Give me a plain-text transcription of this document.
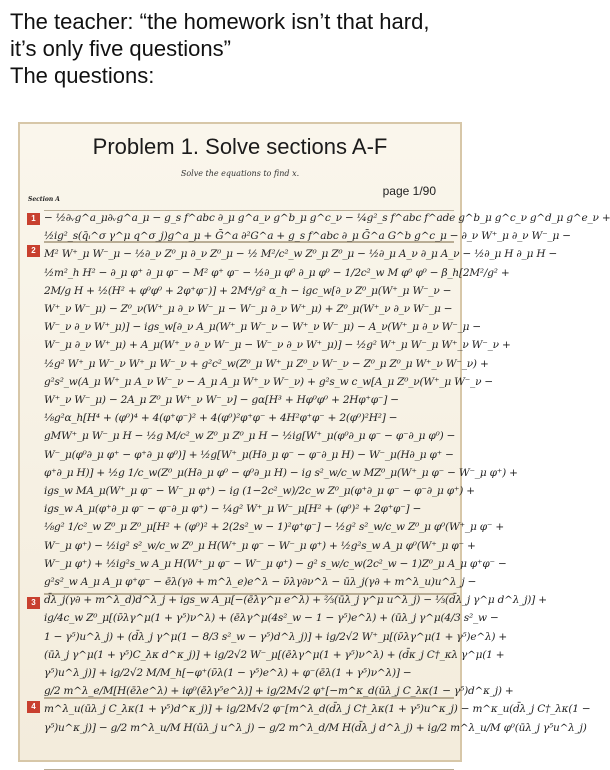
The teacher: “the homework isn’t that hard,
it’s only five questions”
The questions:
Problem 1. Solve sections A-F
Solve the equations to find x.
page 1/90
Section A
1
2
3
4
− ½∂ᵥg^a_μ∂ᵥg^a_μ − g_s f^abc ∂_μ g^a_ν g^b_μ g^c_ν − ¼g²_s f^abc f^ade g^b_μ g^c_ν g^d_μ g^e_ν +
½ig²_s(q̄ᵢ^σ γ^μ q^σ_j)g^a_μ + Ḡ^a ∂²G^a + g_s f^abc ∂_μ Ḡ^a G^b g^c_μ − ∂_ν W⁺_μ ∂_ν W⁻_μ −
M² W⁺_μ W⁻_μ − ½∂_ν Z⁰_μ ∂_ν Z⁰_μ − ½ M²/c²_w Z⁰_μ Z⁰_μ − ½∂_μ A_ν ∂_μ A_ν − ½∂_μ H ∂_μ H −
½m²_h H² − ∂_μ φ⁺ ∂_μ φ⁻ − M² φ⁺ φ⁻ − ½∂_μ φ⁰ ∂_μ φ⁰ − 1/2c²_w M φ⁰ φ⁰ − β_h[2M²/g² +
2M/g H + ½(H² + φ⁰φ⁰ + 2φ⁺φ⁻)] + 2M⁴/g² α_h − igc_w[∂_ν Z⁰_μ(W⁺_μ W⁻_ν −
W⁺_ν W⁻_μ) − Z⁰_ν(W⁺_μ ∂_ν W⁻_μ − W⁻_μ ∂_ν W⁺_μ) + Z⁰_μ(W⁺_ν ∂_ν W⁻_μ −
W⁻_ν ∂_ν W⁺_μ)] − igs_w[∂_ν A_μ(W⁺_μ W⁻_ν − W⁺_ν W⁻_μ) − A_ν(W⁺_μ ∂_ν W⁻_μ −
W⁻_μ ∂_ν W⁺_μ) + A_μ(W⁺_ν ∂_ν W⁻_μ − W⁻_ν ∂_ν W⁺_μ)] − ½g² W⁺_μ W⁻_μ W⁺_ν W⁻_ν +
½g² W⁺_μ W⁻_ν W⁺_μ W⁻_ν + g²c²_w(Z⁰_μ W⁺_μ Z⁰_ν W⁻_ν − Z⁰_μ Z⁰_μ W⁺_ν W⁻_ν) +
g²s²_w(A_μ W⁺_μ A_ν W⁻_ν − A_μ A_μ W⁺_ν W⁻_ν) + g²s_w c_w[A_μ Z⁰_ν(W⁺_μ W⁻_ν −
W⁺_ν W⁻_μ) − 2A_μ Z⁰_μ W⁺_ν W⁻_ν] − gα[H³ + Hφ⁰φ⁰ + 2Hφ⁺φ⁻] −
⅛g²α_h[H⁴ + (φ⁰)⁴ + 4(φ⁺φ⁻)² + 4(φ⁰)²φ⁺φ⁻ + 4H²φ⁺φ⁻ + 2(φ⁰)²H²] −
gMW⁺_μ W⁻_μ H − ½g M/c²_w Z⁰_μ Z⁰_μ H − ½ig[W⁺_μ(φ⁰∂_μ φ⁻ − φ⁻∂_μ φ⁰) −
W⁻_μ(φ⁰∂_μ φ⁺ − φ⁺∂_μ φ⁰)] + ½g[W⁺_μ(H∂_μ φ⁻ − φ⁻∂_μ H) − W⁻_μ(H∂_μ φ⁺ −
φ⁺∂_μ H)] + ½g 1/c_w(Z⁰_μ(H∂_μ φ⁰ − φ⁰∂_μ H) − ig s²_w/c_w MZ⁰_μ(W⁺_μ φ⁻ − W⁻_μ φ⁺) +
igs_w MA_μ(W⁺_μ φ⁻ − W⁻_μ φ⁺) − ig (1−2c²_w)/2c_w Z⁰_μ(φ⁺∂_μ φ⁻ − φ⁻∂_μ φ⁺) +
igs_w A_μ(φ⁺∂_μ φ⁻ − φ⁻∂_μ φ⁺) − ¼g² W⁺_μ W⁻_μ[H² + (φ⁰)² + 2φ⁺φ⁻] −
⅛g² 1/c²_w Z⁰_μ Z⁰_μ[H² + (φ⁰)² + 2(2s²_w − 1)²φ⁺φ⁻] − ½g² s²_w/c_w Z⁰_μ φ⁰(W⁺_μ φ⁻ +
W⁻_μ φ⁺) − ½ig² s²_w/c_w Z⁰_μ H(W⁺_μ φ⁻ − W⁻_μ φ⁺) + ½g²s_w A_μ φ⁰(W⁺_μ φ⁻ +
W⁻_μ φ⁺) + ½ig²s_w A_μ H(W⁺_μ φ⁻ − W⁻_μ φ⁺) − g² s_w/c_w(2c²_w − 1)Z⁰_μ A_μ φ⁺φ⁻ −
g²s²_w A_μ A_μ φ⁺φ⁻ − ēλ(γ∂ + m^λ_e)e^λ − ν̄λγ∂ν^λ − ūλ_j(γ∂ + m^λ_u)u^λ_j −
d̄λ_j(γ∂ + m^λ_d)d^λ_j + igs_w A_μ[−(ēλγ^μ e^λ) + ⅔(ūλ_j γ^μ u^λ_j) − ⅓(d̄λ_j γ^μ d^λ_j)] +
ig/4c_w Z⁰_μ[(ν̄λγ^μ(1 + γ⁵)ν^λ) + (ēλγ^μ(4s²_w − 1 − γ⁵)e^λ) + (ūλ_j γ^μ(4/3 s²_w −
1 − γ⁵)u^λ_j) + (d̄λ_j γ^μ(1 − 8/3 s²_w − γ⁵)d^λ_j)] + ig/2√2 W⁺_μ[(ν̄λγ^μ(1 + γ⁵)e^λ) +
(ūλ_j γ^μ(1 + γ⁵)C_λκ d^κ_j)] + ig/2√2 W⁻_μ[(ēλγ^μ(1 + γ⁵)ν^λ) + (d̄κ_j C†_κλ γ^μ(1 +
γ⁵)u^λ_j)] + ig/2√2 M/M_h[−φ⁺(ν̄λ(1 − γ⁵)e^λ) + φ⁻(ēλ(1 + γ⁵)ν^λ)] −
g/2 m^λ_e/M[H(ēλe^λ) + iφ⁰(ēλγ⁵e^λ)] + ig/2M√2 φ⁺[−m^κ_d(ūλ_j C_λκ(1 − γ⁵)d^κ_j) +
m^λ_u(ūλ_j C_λκ(1 + γ⁵)d^κ_j)] + ig/2M√2 φ⁻[m^λ_d(d̄λ_j C†_λκ(1 + γ⁵)u^κ_j) − m^κ_u(d̄λ_j C†_λκ(1 −
γ⁵)u^κ_j)] − g/2 m^λ_u/M H(ūλ_j u^λ_j) − g/2 m^λ_d/M H(d̄λ_j d^λ_j) + ig/2 m^λ_u/M φ⁰(ūλ_j γ⁵u^λ_j)
